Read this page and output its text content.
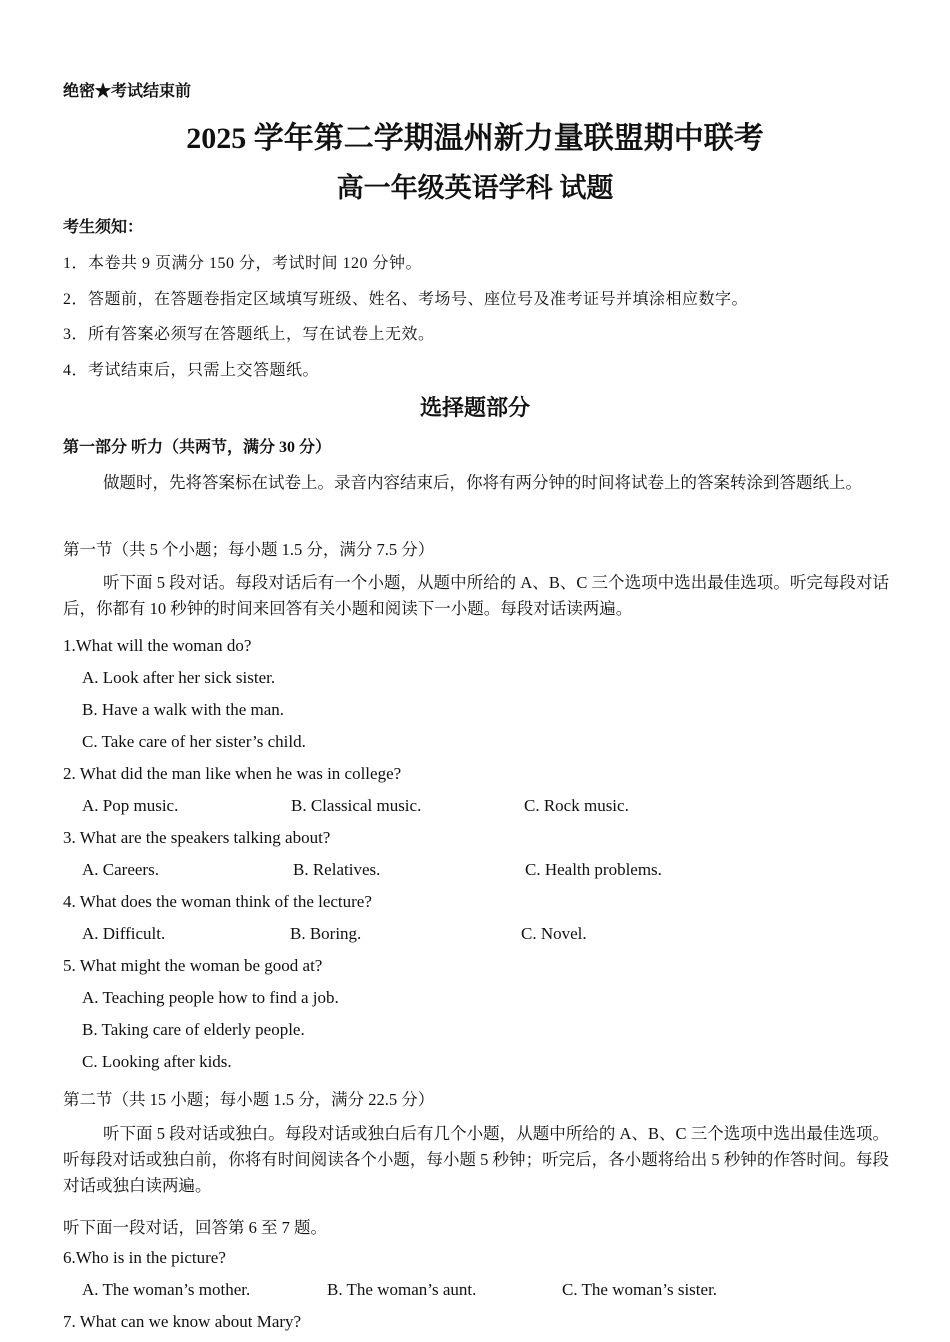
绝密★考试结束前
2025 学年第二学期温州新力量联盟期中联考
高一年级英语学科 试题
考生须知：
1．本卷共 9 页满分 150 分，考试时间 120 分钟。
2．答题前，在答题卷指定区域填写班级、姓名、考场号、座位号及准考证号并填涂相应数字。
3．所有答案必须写在答题纸上，写在试卷上无效。
4．考试结束后，只需上交答题纸。
选择题部分
第一部分 听力（共两节，满分 30 分）
做题时，先将答案标在试卷上。录音内容结束后，你将有两分钟的时间将试卷上的答案转涂到答题纸上。
第一节（共 5 个小题；每小题 1.5 分，满分 7.5 分）
听下面 5 段对话。每段对话后有一个小题，从题中所给的 A、B、C 三个选项中选出最佳选项。听完每段对话后，你都有 10 秒钟的时间来回答有关小题和阅读下一小题。每段对话读两遍。
1.What will the woman do?
A. Look after her sick sister.
B. Have a walk with the man.
C. Take care of her sister’s child.
2. What did the man like when he was in college?
A. Pop music.	B. Classical music.	C. Rock music.
3. What are the speakers talking about?
A. Careers.	B. Relatives.	C. Health problems.
4. What does the woman think of the lecture?
A. Difficult.	B. Boring.	C. Novel.
5. What might the woman be good at?
A. Teaching people how to find a job.
B. Taking care of elderly people.
C. Looking after kids.
第二节（共 15 小题；每小题 1.5 分，满分 22.5 分）
听下面 5 段对话或独白。每段对话或独白后有几个小题，从题中所给的 A、B、C 三个选项中选出最佳选项。听每段对话或独白前，你将有时间阅读各个小题，每小题 5 秒钟；听完后，各小题将给出 5 秒钟的作答时间。每段对话或独白读两遍。
听下面一段对话，回答第 6 至 7 题。
6.Who is in the picture?
A. The woman’s mother.	B. The woman’s aunt.	C. The woman’s sister.
7. What can we know about Mary?
